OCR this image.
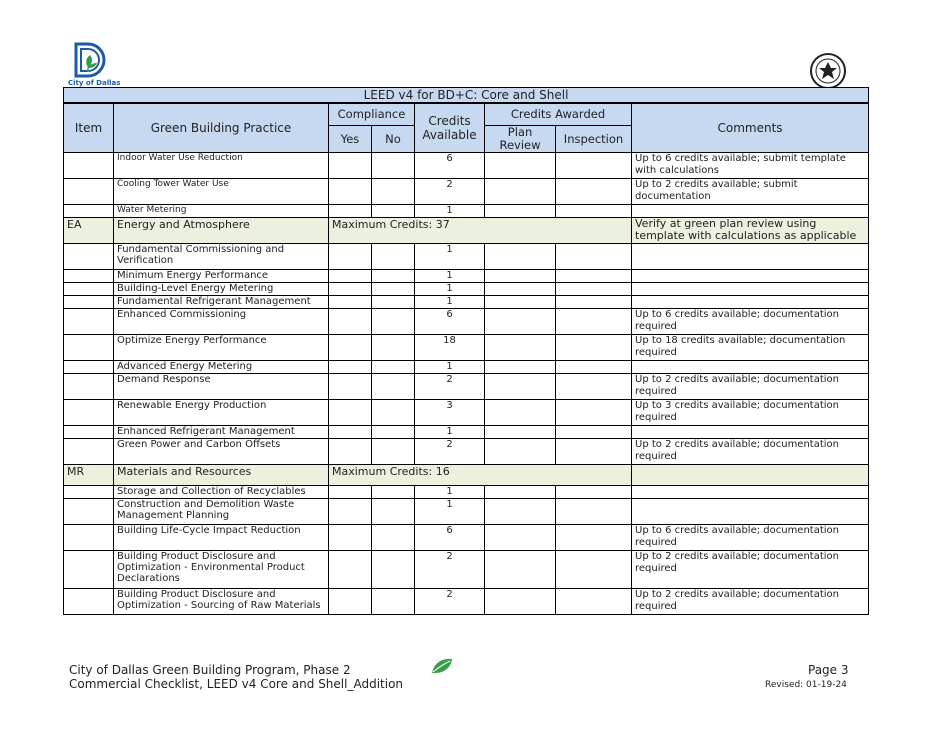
City of Dallas
LEED v4 for BD+C: Core and Shell							
Item	Green Building Practice	Compliance		Credits Available	Credits Awarded		Comments
		Yes	No		Plan Review	Inspection	
	Indoor Water Use Reduction			6			Up to 6 credits available; submit template with calculations
	Cooling Tower Water Use			2			Up to 2 credits available; submit documentation
	Water Metering			1			
EA	Energy and Atmosphere	Maximum Credits: 37					Verify at green plan review using template with calculations as applicable
	Fundamental Commissioning and Verification			1			
	Minimum Energy Performance			1			
	Building-Level Energy Metering			1			
	Fundamental Refrigerant Management			1			
	Enhanced Commissioning			6			Up to 6 credits available; documentation required
	Optimize Energy Performance			18			Up to 18 credits available; documentation required
	Advanced Energy Metering			1			
	Demand Response			2			Up to 2 credits available; documentation required
	Renewable Energy Production			3			Up to 3 credits available; documentation required
	Enhanced Refrigerant Management			1			
	Green Power and Carbon Offsets			2			Up to 2 credits available; documentation required
MR	Materials and Resources	Maximum Credits: 16					
	Storage and Collection of Recyclables			1			
	Construction and Demolition Waste Management Planning			1			
	Building Life-Cycle Impact Reduction			6			Up to 6 credits available; documentation required
	Building Product Disclosure and Optimization - Environmental Product Declarations			2			Up to 2 credits available; documentation required
	Building Product Disclosure and Optimization - Sourcing of Raw Materials			2			Up to 2 credits available; documentation required
City of Dallas Green Building Program, Phase 2
Commercial Checklist, LEED v4 Core and Shell_Addition
Page 3
Revised: 01-19-24
